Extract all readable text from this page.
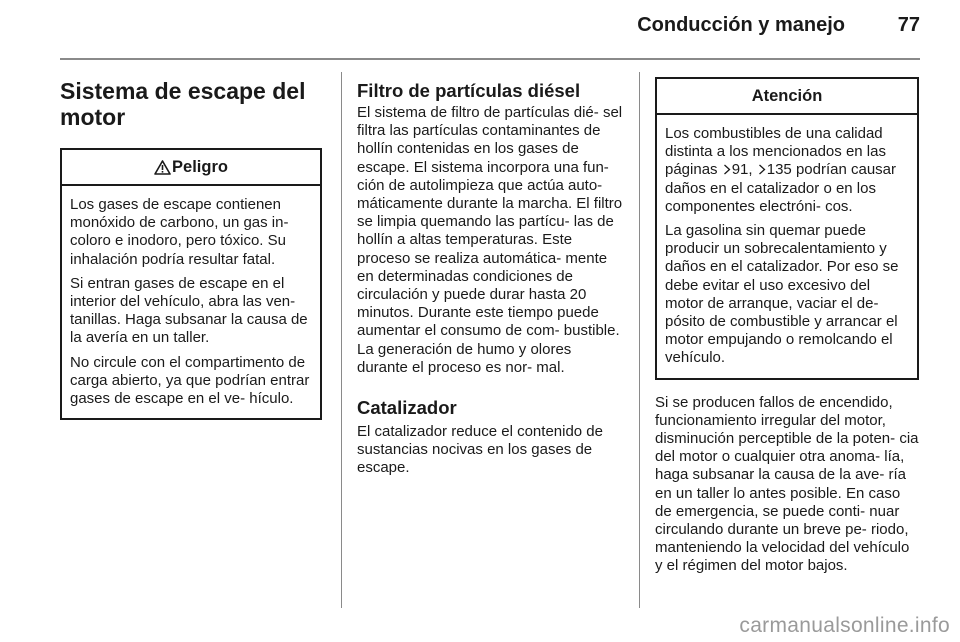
Conducción y manejo	77
Sistema de escape del motor
Peligro

Los gases de escape contienen monóxido de carbono, un gas in- coloro e inodoro, pero tóxico. Su inhalación podría resultar fatal.

Si entran gases de escape en el interior del vehículo, abra las ven- tanillas. Haga subsanar la causa de la avería en un taller.

No circule con el compartimento de carga abierto, ya que podrían entrar gases de escape en el ve- hículo.

Filtro de partículas diésel

El sistema de filtro de partículas dié- sel filtra las partículas contaminantes de hollín contenidas en los gases de escape. El sistema incorpora una fun- ción de autolimpieza que actúa auto- máticamente durante la marcha. El filtro se limpia quemando las partícu- las de hollín a altas temperaturas. Este proceso se realiza automática- mente en determinadas condiciones de circulación y puede durar hasta 20 minutos. Durante este tiempo puede aumentar el consumo de com- bustible. La generación de humo y olores durante el proceso es nor- mal.

Catalizador

El catalizador reduce el contenido de sustancias nocivas en los gases de escape.

Atención

Los combustibles de una calidad distinta a los mencionados en las páginas 91, 135 podrían causar daños en el catalizador o en los componentes electróni- cos.

La gasolina sin quemar puede producir un sobrecalentamiento y daños en el catalizador. Por eso se debe evitar el uso excesivo del motor de arranque, vaciar el de- pósito de combustible y arrancar el motor empujando o remolcando el vehículo.

Si se producen fallos de encendido, funcionamiento irregular del motor, disminución perceptible de la poten- cia del motor o cualquier otra anoma- lía, haga subsanar la causa de la ave- ría en un taller lo antes posible. En caso de emergencia, se puede conti- nuar circulando durante un breve pe- riodo, manteniendo la velocidad del vehículo y el régimen del motor bajos.

carmanualsonline.info
